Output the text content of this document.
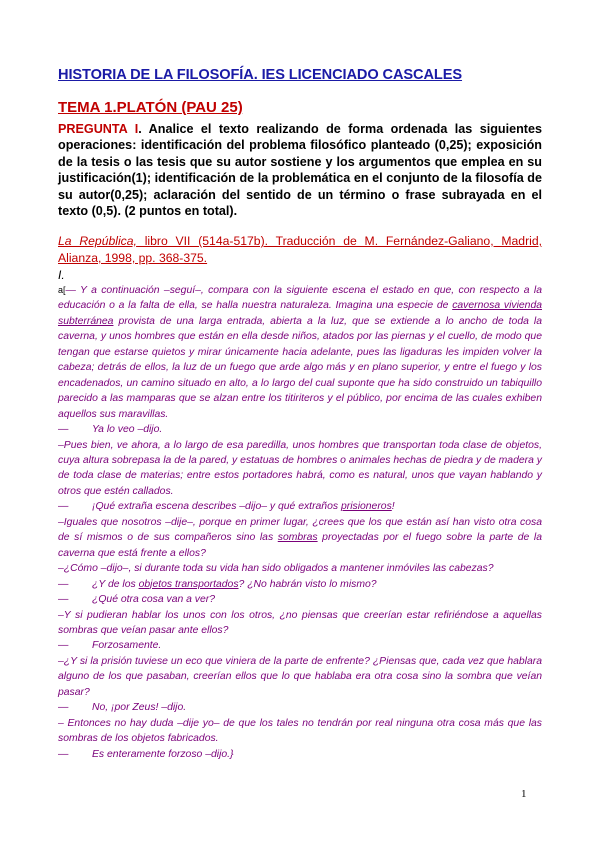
HISTORIA DE LA FILOSOFÍA. IES LICENCIADO CASCALES
TEMA 1.PLATÓN (PAU 25)
PREGUNTA I. Analice el texto realizando de forma ordenada las siguientes operaciones: identificación del problema filosófico planteado (0,25); exposición de la tesis o las tesis que su autor sostiene y los argumentos que emplea en su justificación(1); identificación de la problemática en el conjunto de la filosofía de su autor(0,25); aclaración del sentido de un término o frase subrayada en el texto (0,5). (2 puntos en total).
La República, libro VII (514a-517b). Traducción de M. Fernández-Galiano, Madrid, Alianza, 1998, pp. 368-375.
I.

a[— Y a continuación –seguí–, compara con la siguiente escena el estado en que, con respecto a la educación o a la falta de ella, se halla nuestra naturaleza. Imagina una especie de cavernosa vivienda subterránea provista de una larga entrada, abierta a la luz, que se extiende a lo ancho de toda la caverna, y unos hombres que están en ella desde niños, atados por las piernas y el cuello, de modo que tengan que estarse quietos y mirar únicamente hacia adelante, pues las ligaduras les impiden volver la cabeza; detrás de ellos, la luz de un fuego que arde algo más y en plano superior, y entre el fuego y los encadenados, un camino situado en alto, a lo largo del cual suponte que ha sido construido un tabiquillo parecido a las mamparas que se alzan entre los titiriteros y el público, por encima de las cuales exhiben aquellos sus maravillas.

— Ya lo veo –dijo.

–Pues bien, ve ahora, a lo largo de esa paredilla, unos hombres que transportan toda clase de objetos, cuya altura sobrepasa la de la pared, y estatuas de hombres o animales hechas de piedra y de madera y de toda clase de materias; entre estos portadores habrá, como es natural, unos que vayan hablando y otros que estén callados.

— ¡Qué extraña escena describes –dijo– y qué extraños prisioneros!

–Iguales que nosotros –dije–, porque en primer lugar, ¿crees que los que están así han visto otra cosa de sí mismos o de sus compañeros sino las sombras proyectadas por el fuego sobre la parte de la caverna que está frente a ellos?

–¿Cómo –dijo–, si durante toda su vida han sido obligados a mantener inmóviles las cabezas?

— ¿Y de los objetos transportados? ¿No habrán visto lo mismo?

— ¿Qué otra cosa van a ver?

–Y si pudieran hablar los unos con los otros, ¿no piensas que creerían estar refiriéndose a aquellas sombras que veían pasar ante ellos?

— Forzosamente.

–¿Y si la prisión tuviese un eco que viniera de la parte de enfrente? ¿Piensas que, cada vez que hablara alguno de los que pasaban, creerían ellos que lo que hablaba era otra cosa sino la sombra que veían pasar?

— No, ¡por Zeus! –dijo.

– Entonces no hay duda –dije yo– de que los tales no tendrán por real ninguna otra cosa más que las sombras de los objetos fabricados.

— Es enteramente forzoso –dijo.}

1
